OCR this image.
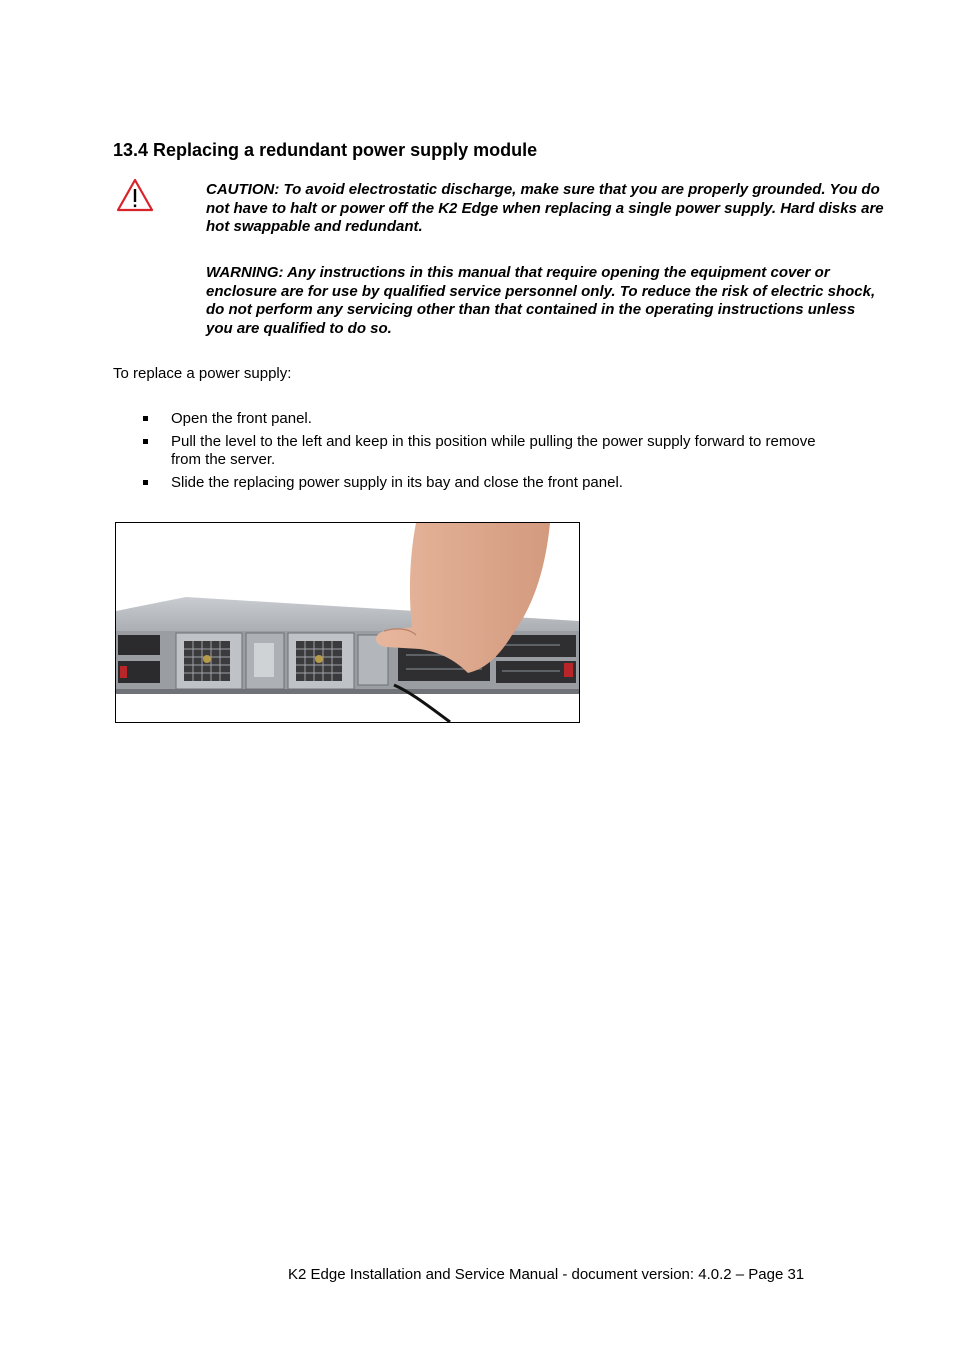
13.4 Replacing a redundant power supply module

CAUTION: To avoid electrostatic discharge, make sure that you are properly grounded. You do not have to halt or power off the K2 Edge when replacing a single power supply. Hard disks are hot swappable and redundant.

WARNING: Any instructions in this manual that require opening the equipment cover or enclosure are for use by qualified service personnel only. To reduce the risk of electric shock, do not perform any servicing other than that contained in the operating instructions unless you are qualified to do so.

To replace a power supply:

Open the front panel.
Pull the level to the left and keep in this position while pulling the power supply forward to remove from the server.
Slide the replacing power supply in its bay and close the front panel.

K2 Edge Installation and Service Manual - document version: 4.0.2 – Page 31
